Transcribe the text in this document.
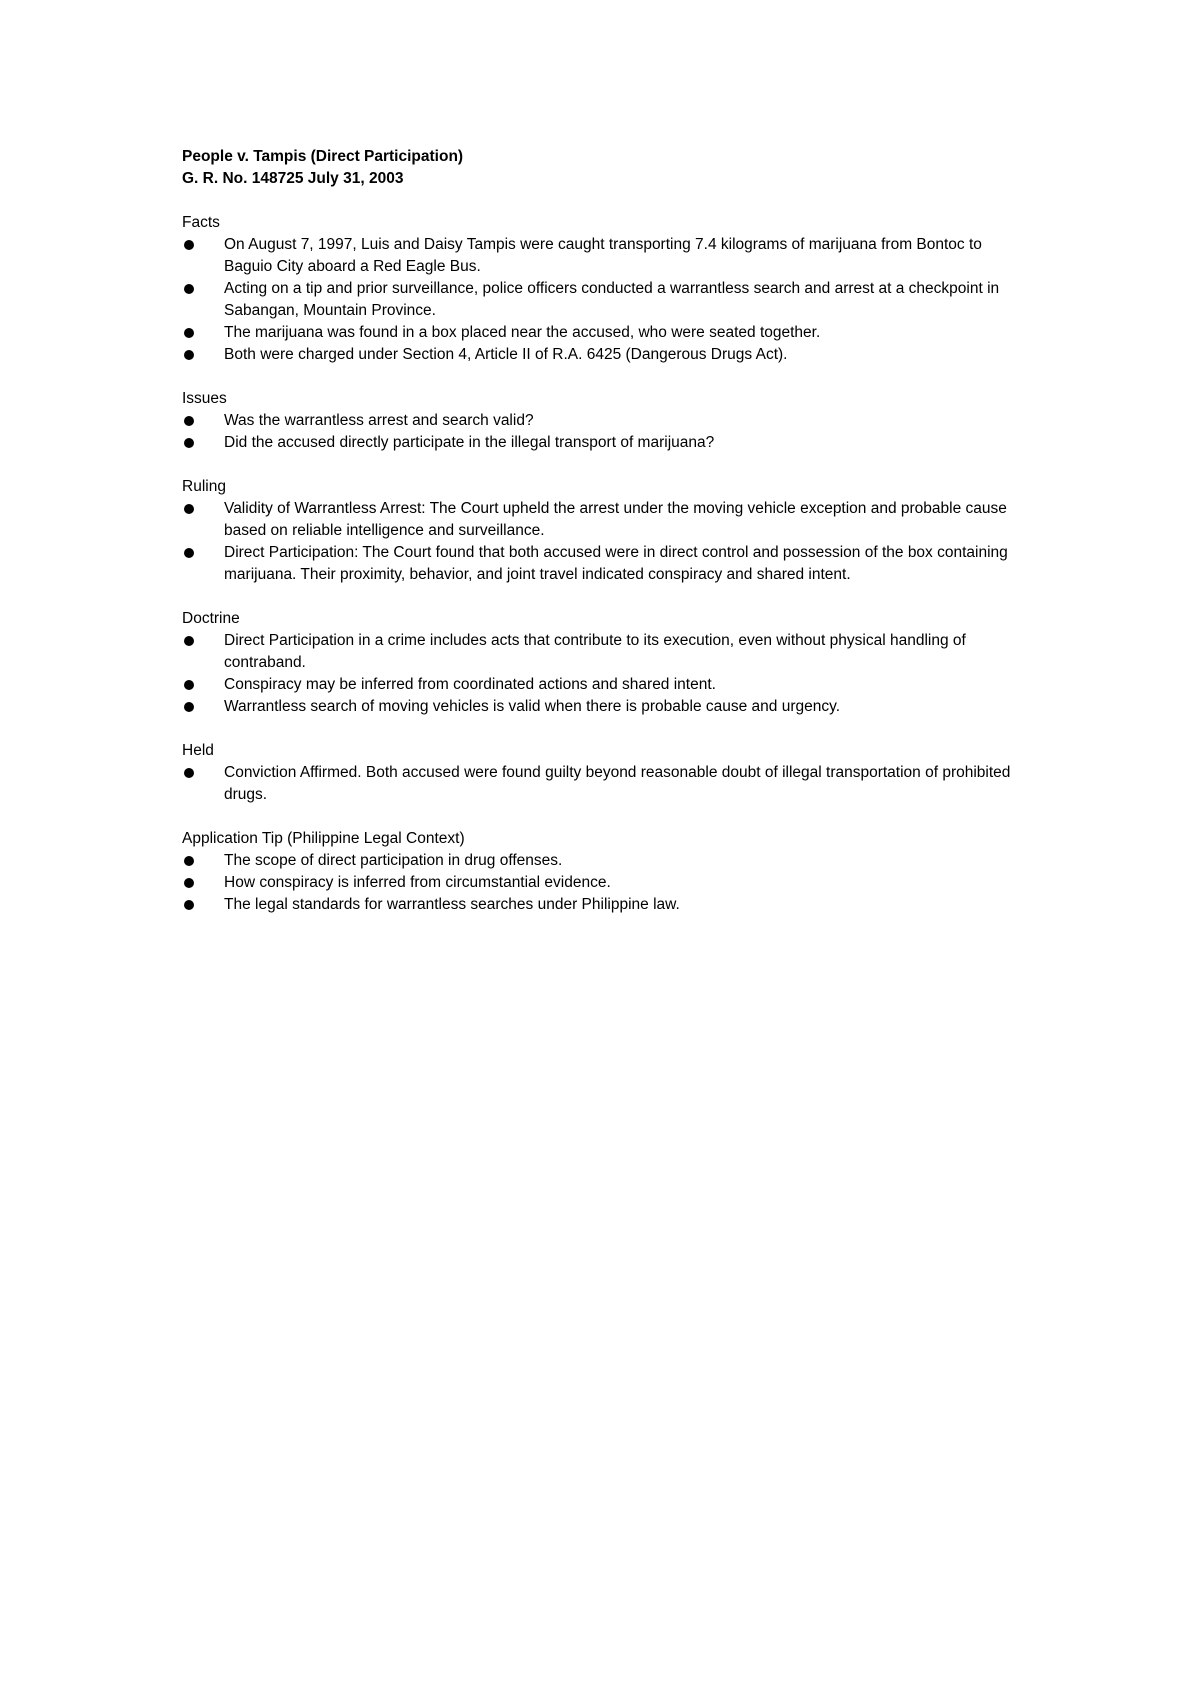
People v. Tampis (Direct Participation)

G. R. No. 148725 July 31, 2003

Facts

On August 7, 1997, Luis and Daisy Tampis were caught transporting 7.4 kilograms of marijuana from Bontoc to Baguio City aboard a Red Eagle Bus.
Acting on a tip and prior surveillance, police officers conducted a warrantless search and arrest at a checkpoint in Sabangan, Mountain Province.
The marijuana was found in a box placed near the accused, who were seated together.
Both were charged under Section 4, Article II of R.A. 6425 (Dangerous Drugs Act).

Issues

Was the warrantless arrest and search valid?
Did the accused directly participate in the illegal transport of marijuana?

Ruling

Validity of Warrantless Arrest: The Court upheld the arrest under the moving vehicle exception and probable cause based on reliable intelligence and surveillance.
Direct Participation: The Court found that both accused were in direct control and possession of the box containing marijuana. Their proximity, behavior, and joint travel indicated conspiracy and shared intent.

Doctrine

Direct Participation in a crime includes acts that contribute to its execution, even without physical handling of contraband.
Conspiracy may be inferred from coordinated actions and shared intent.
Warrantless search of moving vehicles is valid when there is probable cause and urgency.

Held

Conviction Affirmed. Both accused were found guilty beyond reasonable doubt of illegal transportation of prohibited drugs.

Application Tip (Philippine Legal Context)

The scope of direct participation in drug offenses.
How conspiracy is inferred from circumstantial evidence.
The legal standards for warrantless searches under Philippine law.
